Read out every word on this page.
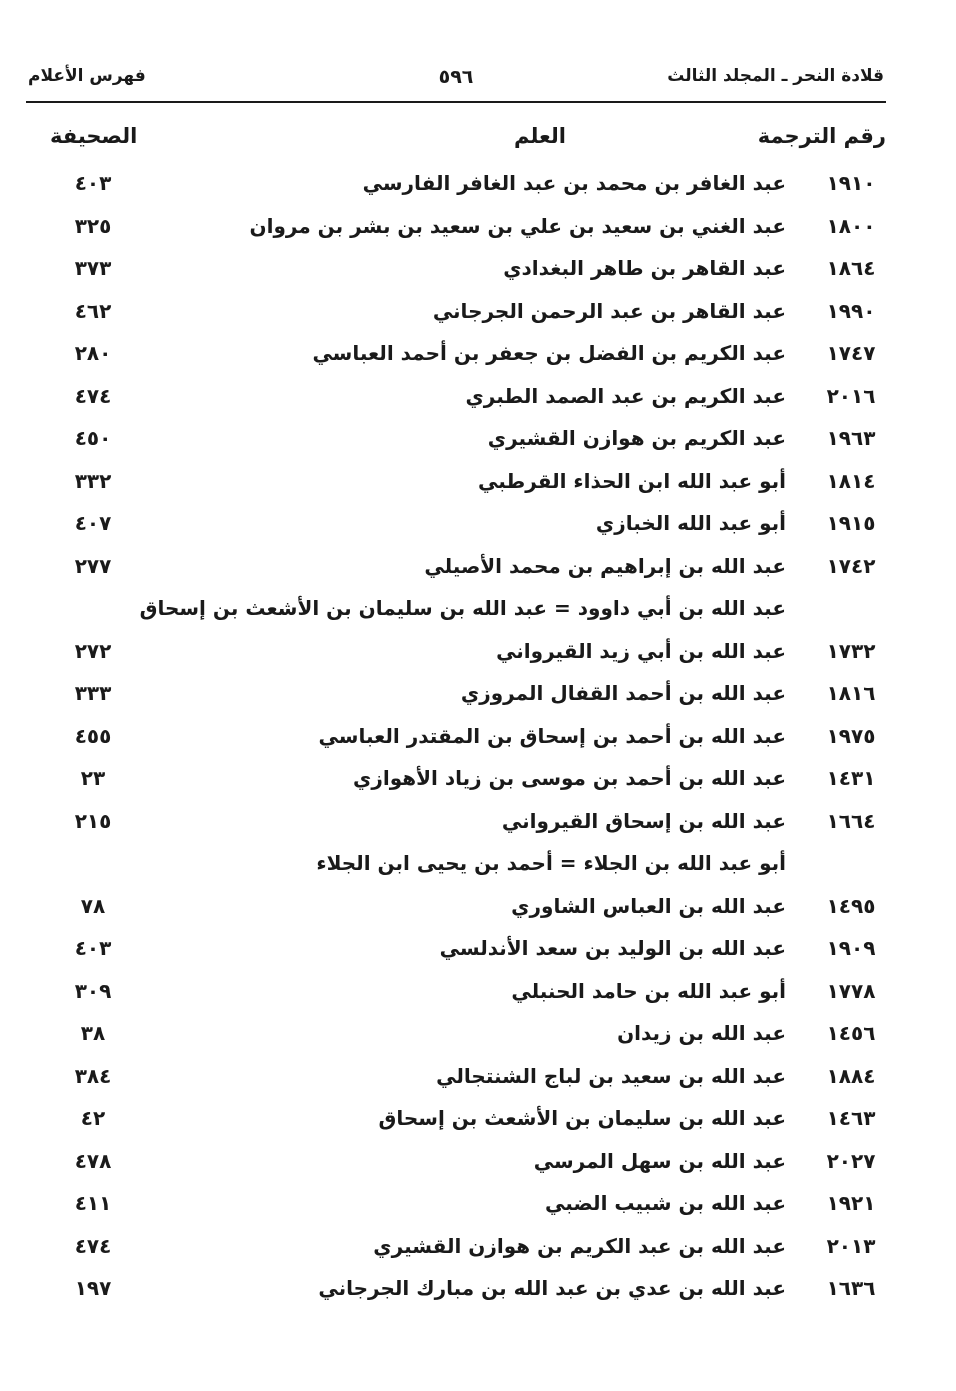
قلادة النحر ـ المجلد الثالث
٥٩٦
فهرس الأعلام
رقم الترجمة
العلم
الصحيفة
١٩١٠
عبد الغافر بن محمد بن عبد الغافر الفارسي
٤٠٣
١٨٠٠
عبد الغني بن سعيد بن علي بن سعيد بن بشر بن مروان
٣٢٥
١٨٦٤
عبد القاهر بن طاهر البغدادي
٣٧٣
١٩٩٠
عبد القاهر بن عبد الرحمن الجرجاني
٤٦٢
١٧٤٧
عبد الكريم بن الفضل بن جعفر بن أحمد العباسي
٢٨٠
٢٠١٦
عبد الكريم بن عبد الصمد الطبري
٤٧٤
١٩٦٣
عبد الكريم بن هوازن القشيري
٤٥٠
١٨١٤
أبو عبد الله ابن الحذاء القرطبي
٣٣٢
١٩١٥
أبو عبد الله الخبازي
٤٠٧
١٧٤٢
عبد الله بن إبراهيم بن محمد الأصيلي
٢٧٧
عبد الله بن أبي داوود = عبد الله بن سليمان بن الأشعث بن إسحاق
١٧٣٢
عبد الله بن أبي زيد القيرواني
٢٧٢
١٨١٦
عبد الله بن أحمد القفال المروزي
٣٣٣
١٩٧٥
عبد الله بن أحمد بن إسحاق بن المقتدر العباسي
٤٥٥
١٤٣١
عبد الله بن أحمد بن موسى بن زياد الأهوازي
٢٣
١٦٦٤
عبد الله بن إسحاق القيرواني
٢١٥
أبو عبد الله بن الجلاء = أحمد بن يحيى ابن الجلاء
١٤٩٥
عبد الله بن العباس الشاوري
٧٨
١٩٠٩
عبد الله بن الوليد بن سعد الأندلسي
٤٠٣
١٧٧٨
أبو عبد الله بن حامد الحنبلي
٣٠٩
١٤٥٦
عبد الله بن زيدان
٣٨
١٨٨٤
عبد الله بن سعيد بن لباج الشنتجالي
٣٨٤
١٤٦٣
عبد الله بن سليمان بن الأشعث بن إسحاق
٤٢
٢٠٢٧
عبد الله بن سهل المرسي
٤٧٨
١٩٢١
عبد الله بن شبيب الضبي
٤١١
٢٠١٣
عبد الله بن عبد الكريم بن هوازن القشيري
٤٧٤
١٦٣٦
عبد الله بن عدي بن عبد الله بن مبارك الجرجاني
١٩٧
